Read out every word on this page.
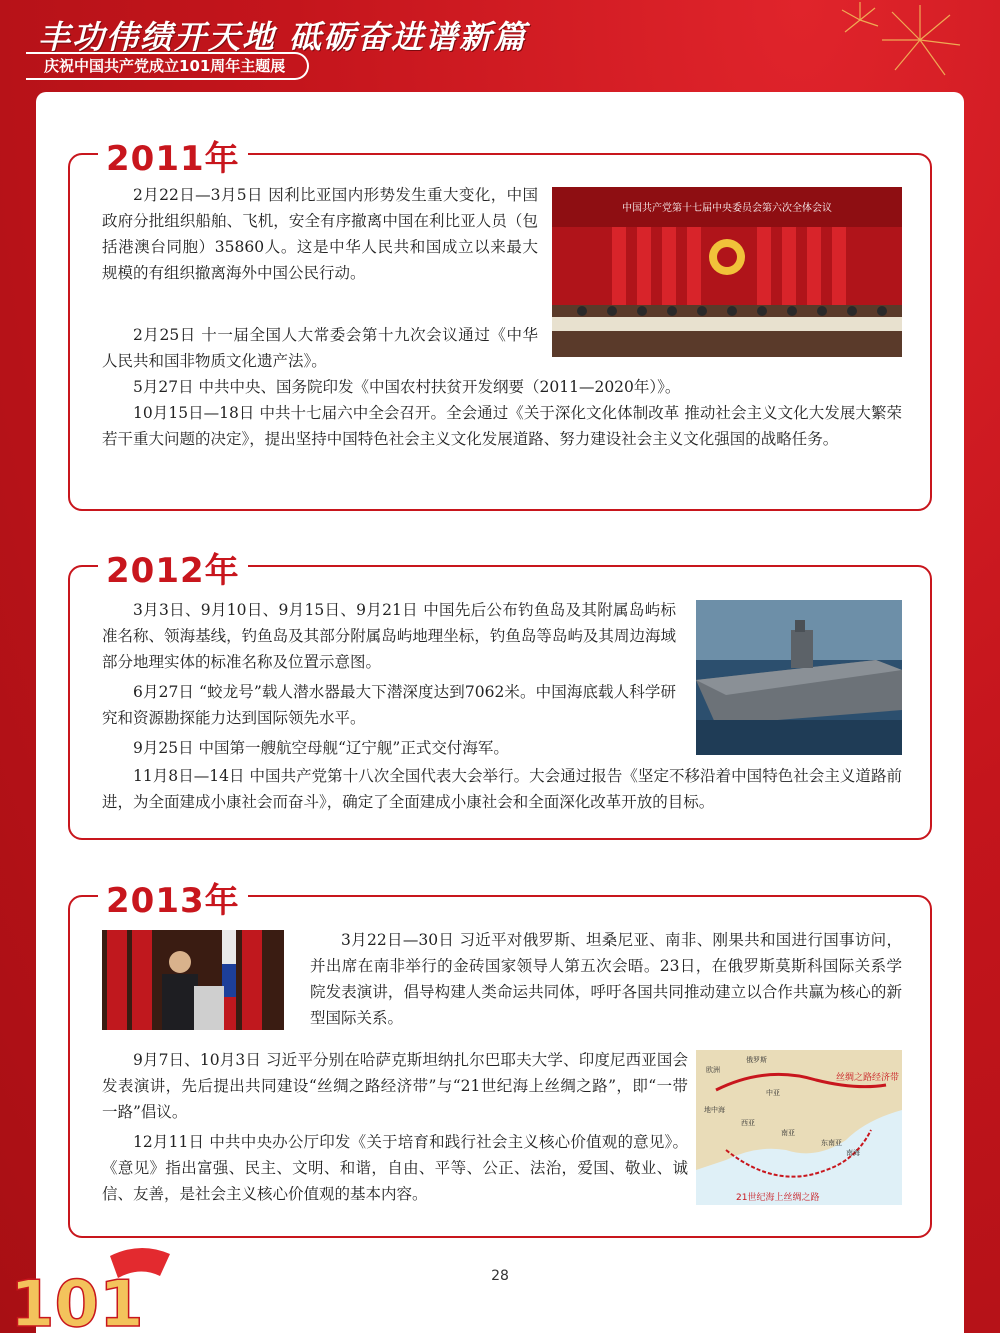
丰功伟绩开天地 砥砺奋进谱新篇
庆祝中国共产党成立101周年主题展
2011年

2月22日—3月5日 因利比亚国内形势发生重大变化，中国政府分批组织船舶、飞机，安全有序撤离中国在利比亚人员（包括港澳台同胞）35860人。这是中华人民共和国成立以来最大规模的有组织撤离海外中国公民行动。

2月25日 十一届全国人大常委会第十九次会议通过《中华人民共和国非物质文化遗产法》。

5月27日 中共中央、国务院印发《中国农村扶贫开发纲要（2011—2020年）》。

10月15日—18日 中共十七届六中全会召开。全会通过《关于深化文化体制改革 推动社会主义文化大发展大繁荣若干重大问题的决定》，提出坚持中国特色社会主义文化发展道路、努力建设社会主义文化强国的战略任务。

中国共产党第十七届中央委员会第六次全体会议
2012年

3月3日、9月10日、9月15日、9月21日 中国先后公布钓鱼岛及其附属岛屿标准名称、领海基线，钓鱼岛及其部分附属岛屿地理坐标，钓鱼岛等岛屿及其周边海域部分地理实体的标准名称及位置示意图。

6月27日 “蛟龙号”载人潜水器最大下潜深度达到7062米。中国海底载人科学研究和资源勘探能力达到国际领先水平。

9月25日 中国第一艘航空母舰“辽宁舰”正式交付海军。

11月8日—14日 中国共产党第十八次全国代表大会举行。大会通过报告《坚定不移沿着中国特色社会主义道路前进，为全面建成小康社会而奋斗》，确定了全面建成小康社会和全面深化改革开放的目标。

2013年

3月22日—30日 习近平对俄罗斯、坦桑尼亚、南非、刚果共和国进行国事访问，并出席在南非举行的金砖国家领导人第五次会晤。23日，在俄罗斯莫斯科国际关系学院发表演讲，倡导构建人类命运共同体，呼吁各国共同推动建立以合作共赢为核心的新型国际关系。

9月7日、10月3日 习近平分别在哈萨克斯坦纳扎尔巴耶夫大学、印度尼西亚国会发表演讲，先后提出共同建设“丝绸之路经济带”与“21世纪海上丝绸之路”，即“一带一路”倡议。

12月11日 中共中央办公厅印发《关于培育和践行社会主义核心价值观的意见》。《意见》指出富强、民主、文明、和谐，自由、平等、公正、法治，爱国、敬业、诚信、友善，是社会主义核心价值观的基本内容。

丝绸之路经济带
21世纪海上丝绸之路
欧洲
俄罗斯
中亚
西亚
南亚
东南亚
南海
地中海
28
101
